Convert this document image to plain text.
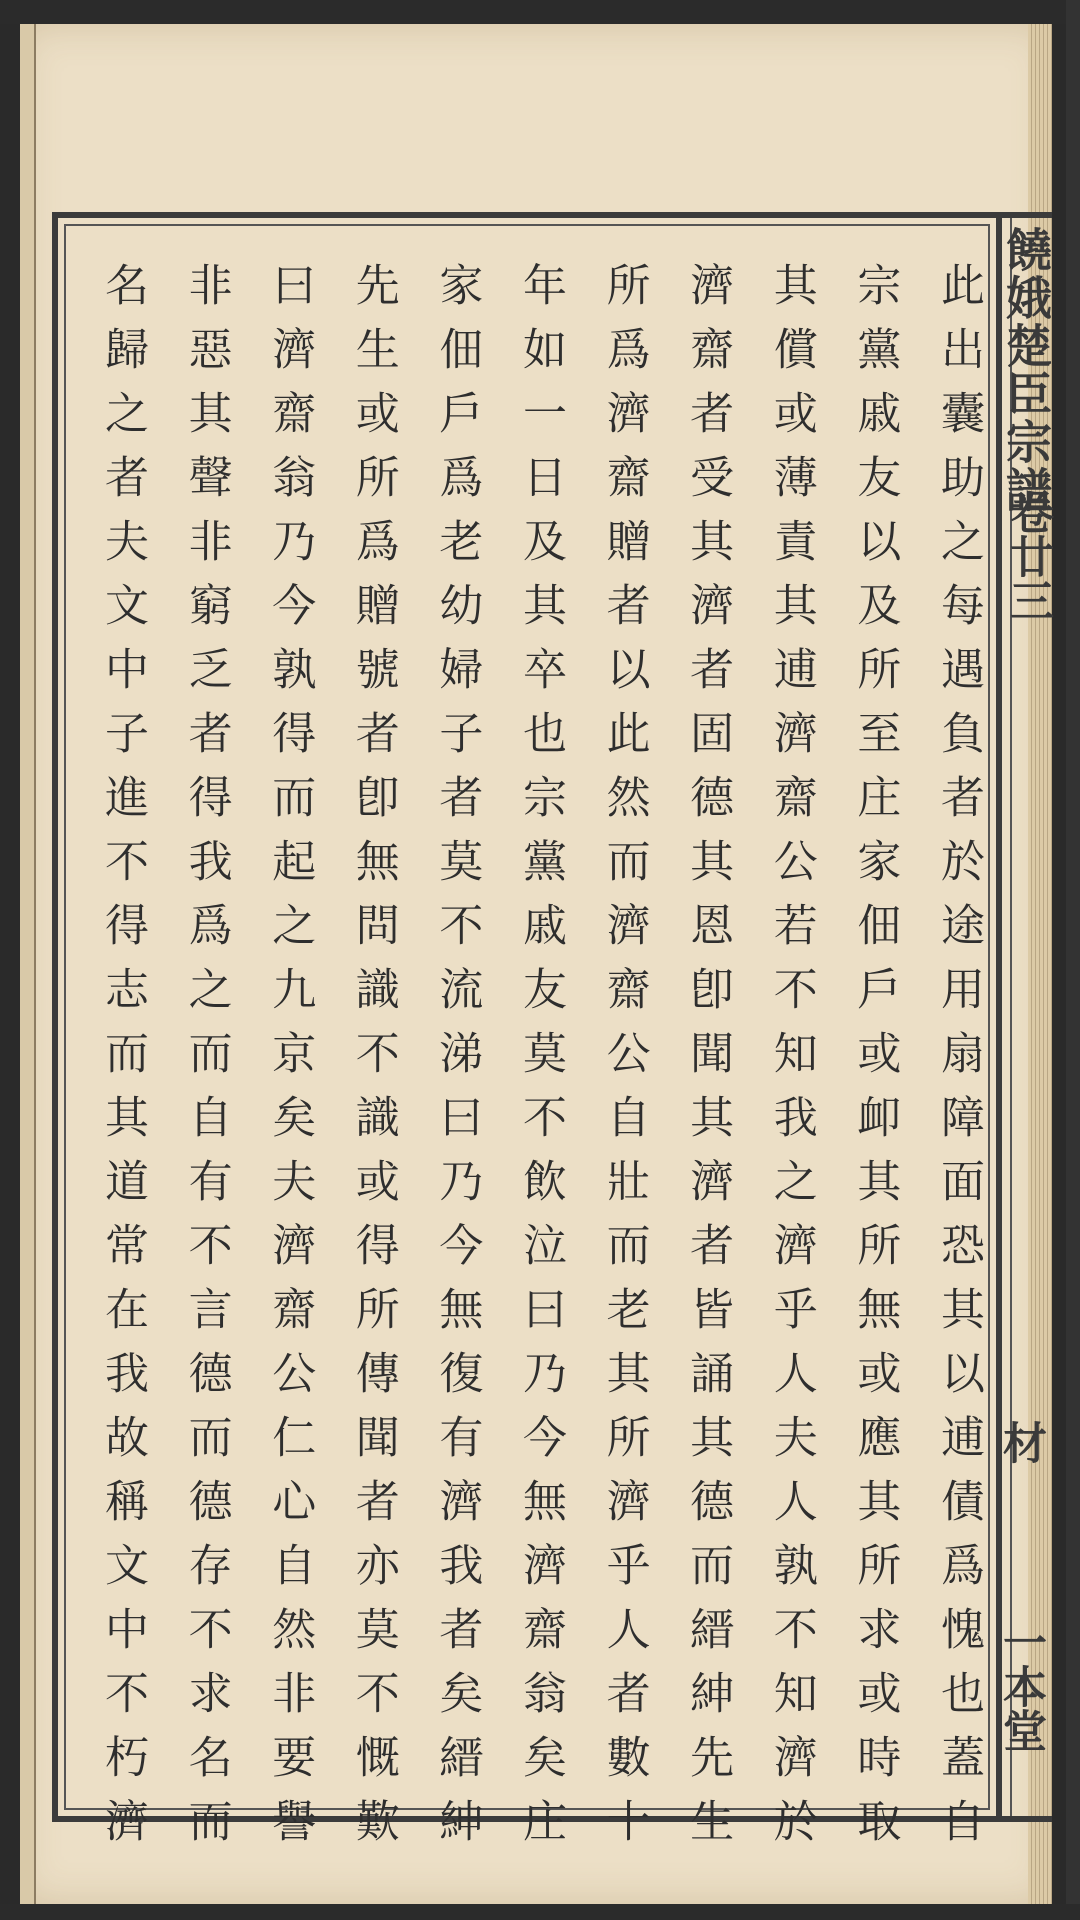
饒娥楚臣宗譜
卷廿三
材
一本堂
此出囊助之每遇負者於途用扇障面恐其以逋債爲愧也蓋自
宗黨戚友以及所至庄家佃戶或卹其所無或應其所求或時取
其償或薄責其逋濟齋公若不知我之濟乎人夫人孰不知濟於
濟齋者受其濟者固德其恩卽聞其濟者皆誦其德而縉紳先生
所爲濟齋贈者以此然而濟齋公自壯而老其所濟乎人者數十
年如一日及其卒也宗黨戚友莫不飲泣曰乃今無濟齋翁矣庄
家佃戶爲老幼婦子者莫不流涕曰乃今無復有濟我者矣縉紳
先生或所爲贈號者卽無問識不識或得所傳聞者亦莫不慨歎
曰濟齋翁乃今孰得而起之九京矣夫濟齋公仁心自然非要譽
非惡其聲非窮乏者得我爲之而自有不言德而德存不求名而
名歸之者夫文中子進不得志而其道常在我故稱文中不朽濟
